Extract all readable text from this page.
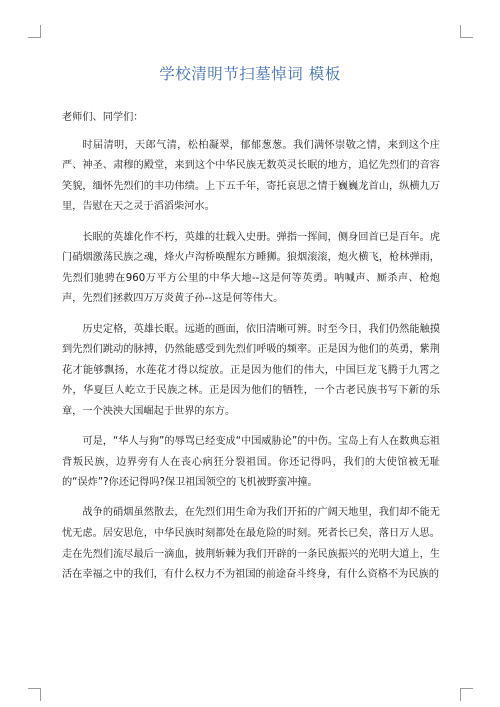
学校清明节扫墓悼词 模板

老师们、同学们：

时届清明，天郎气清，松柏凝翠，郁郁葱葱。我们满怀崇敬之情，来到这个庄严、神圣、肃穆的殿堂，来到这个中华民族无数英灵长眠的地方，追忆先烈们的音容笑貌，缅怀先烈们的丰功伟绩。上下五千年，寄托哀思之情于巍巍龙首山，纵横九万里，告慰在天之灵于滔滔柴河水。

长眠的英雄化作不朽，英雄的壮载入史册。弹指一挥间，侧身回首已是百年。虎门硝烟激荡民族之魂，烽火卢沟桥唤醒东方睡狮。狼烟滚滚，炮火横飞，枪林弹雨，先烈们驰骋在960万平方公里的中华大地--这是何等英勇。呐喊声、厮杀声、枪炮声，先烈们拯救四万万炎黄子孙--这是何等伟大。

历史定格，英雄长眠。远逝的画面，依旧清晰可辨。时至今日，我们仍然能触摸到先烈们跳动的脉搏，仍然能感受到先烈们呼吸的频率。正是因为他们的英勇，紫荆花才能够飘扬，水莲花才得以绽放。正是因为他们的伟大，中国巨龙飞腾于九霄之外，华夏巨人屹立于民族之林。正是因为他们的牺牲，一个古老民族书写下新的乐章，一个泱泱大国崛起于世界的东方。

可是，“华人与狗”的辱骂已经变成“中国威胁论”的中伤。宝岛上有人在数典忘祖背叛民族，边界旁有人在丧心病狂分裂祖国。你还记得吗，我们的大使馆被无耻的“误炸”?你还记得吗?保卫祖国领空的飞机被野蛮冲撞。

战争的硝烟虽然散去，在先烈们用生命为我们开拓的广阔天地里，我们却不能无忧无虑。居安思危，中华民族时刻都处在最危险的时刻。死者长已矣，落日万人思。走在先烈们流尽最后一滴血，披荆斩棘为我们开辟的一条民族振兴的光明大道上，生活在幸福之中的我们，有什么权力不为祖国的前途奋斗终身，有什么资格不为民族的
